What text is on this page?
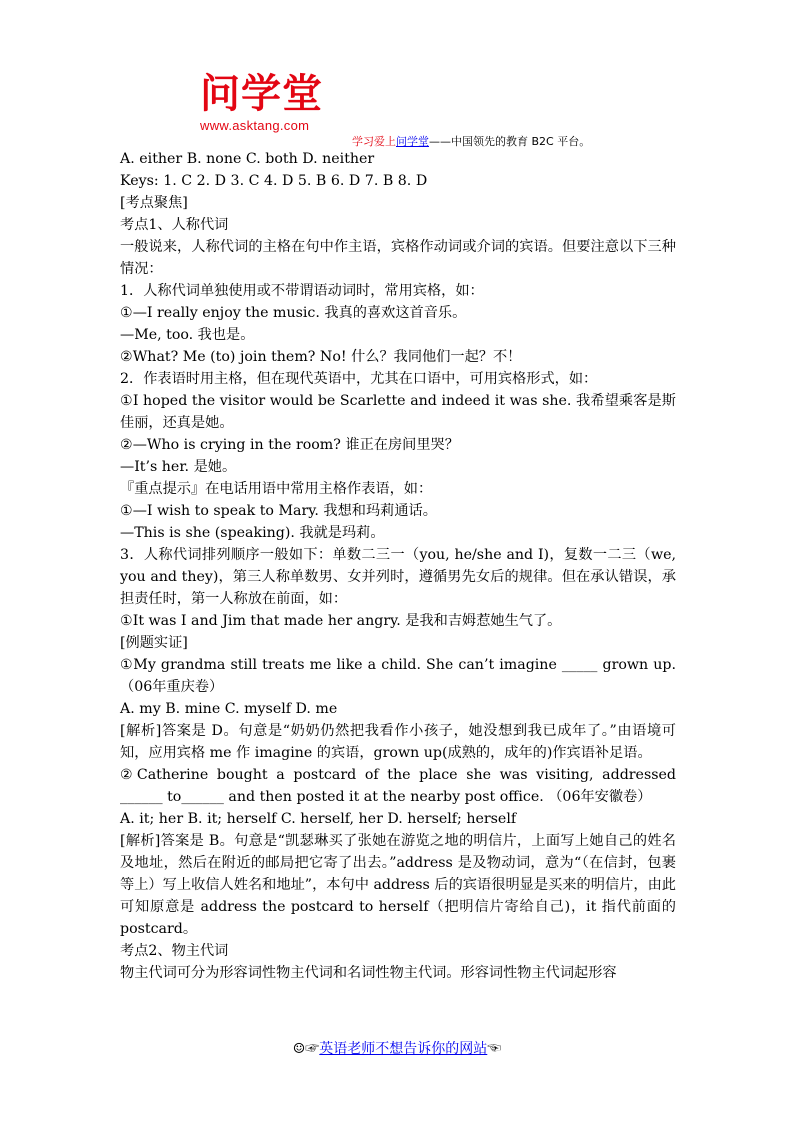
问学堂
www.asktang.com
学习爱上问学堂——中国领先的教育 B2C 平台。
A. either B. none C. both D. neither
Keys: 1. C 2. D 3. C 4. D 5. B 6. D 7. B 8. D
[考点聚焦]
考点1、人称代词
一般说来，人称代词的主格在句中作主语，宾格作动词或介词的宾语。但要注意以下三种情况：
1．人称代词单独使用或不带谓语动词时，常用宾格，如：
①—I really enjoy the music. 我真的喜欢这首音乐。
—Me, too. 我也是。
②What? Me (to) join them? No! 什么？我同他们一起？不！
2．作表语时用主格，但在现代英语中，尤其在口语中，可用宾格形式，如：
①I hoped the visitor would be Scarlette and indeed it was she. 我希望乘客是斯佳丽，还真是她。
②—Who is crying in the room? 谁正在房间里哭？
—It’s her. 是她。
『重点提示』在电话用语中常用主格作表语，如：
①—I wish to speak to Mary. 我想和玛莉通话。
—This is she (speaking). 我就是玛莉。
3．人称代词排列顺序一般如下：单数二三一（you, he/she and I)，复数一二三（we, you and they)，第三人称单数男、女并列时，遵循男先女后的规律。但在承认错误，承担责任时，第一人称放在前面，如：
①It was I and Jim that made her angry. 是我和吉姆惹她生气了。
[例题实证]
①My grandma still treats me like a child. She can’t imagine _____ grown up.（06年重庆卷）
A. my B. mine C. myself D. me
[解析]答案是 D。句意是“奶奶仍然把我看作小孩子，她没想到我已成年了。”由语境可知，应用宾格 me 作 imagine 的宾语，grown up(成熟的，成年的)作宾语补足语。
②Catherine bought a postcard of the place she was visiting, addressed ______ to______ and then posted it at the nearby post office. （06年安徽卷）
A. it; her B. it; herself C. herself, her D. herself; herself
[解析]答案是 B。句意是“凯瑟琳买了张她在游览之地的明信片，上面写上她自己的姓名及地址，然后在附近的邮局把它寄了出去。”address 是及物动词，意为“（在信封，包裹等上）写上收信人姓名和地址”，本句中 address 后的宾语很明显是买来的明信片，由此可知原意是 address the postcard to herself（把明信片寄给自己)，it 指代前面的 postcard。
考点2、物主代词
物主代词可分为形容词性物主代词和名词性物主代词。形容词性物主代词起形容
☺☞英语老师不想告诉你的网站☜
